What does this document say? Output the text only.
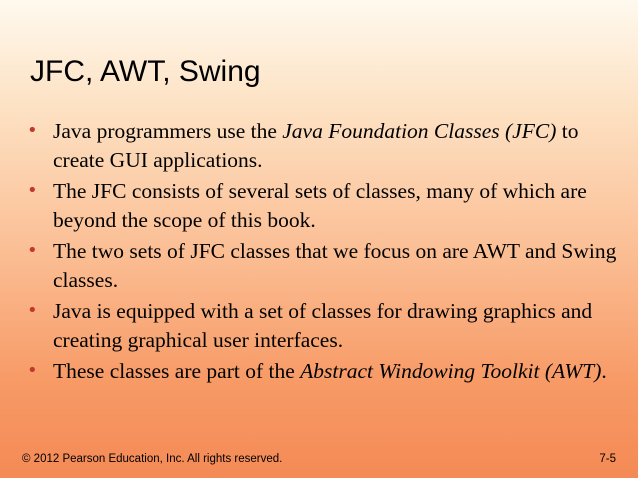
JFC, AWT, Swing
• Java programmers use the Java Foundation Classes (JFC) to create GUI applications.
• The JFC consists of several sets of classes, many of which are beyond the scope of this book.
• The two sets of JFC classes that we focus on are AWT and Swing classes.
• Java is equipped with a set of classes for drawing graphics and creating graphical user interfaces.
• These classes are part of the Abstract Windowing Toolkit (AWT).
© 2012 Pearson Education, Inc. All rights reserved.	7-5
